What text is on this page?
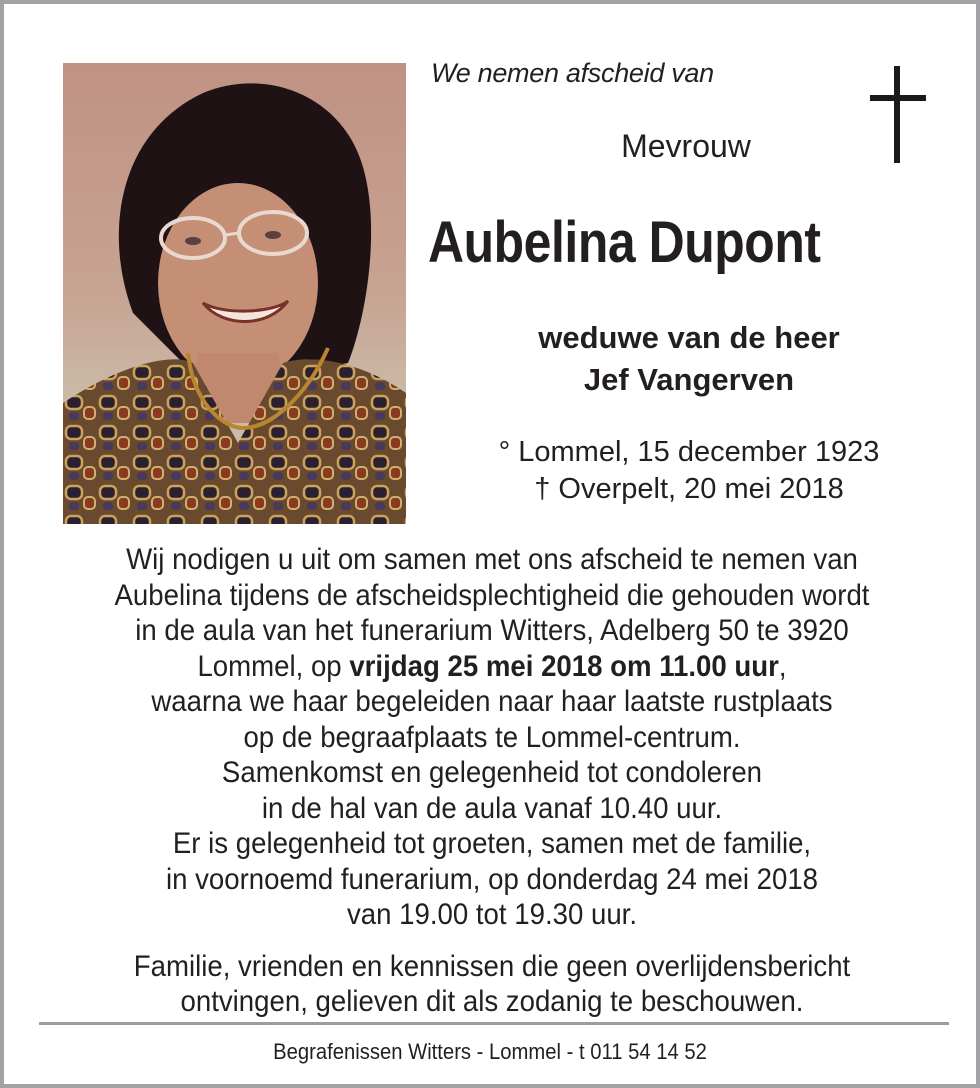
We nemen afscheid van
Mevrouw
Aubelina Dupont
weduwe van de heer
Jef Vangerven
° Lommel, 15 december 1923
† Overpelt, 20 mei 2018
Wij nodigen u uit om samen met ons afscheid te nemen van
Aubelina tijdens de afscheidsplechtigheid die gehouden wordt
in de aula van het funerarium Witters, Adelberg 50 te 3920
Lommel, op vrijdag 25 mei 2018 om 11.00 uur,
waarna we haar begeleiden naar haar laatste rustplaats
op de begraafplaats te Lommel-centrum.
Samenkomst en gelegenheid tot condoleren
in de hal van de aula vanaf 10.40 uur.
Er is gelegenheid tot groeten, samen met de familie,
in voornoemd funerarium, op donderdag 24 mei 2018
van 19.00 tot 19.30 uur.
Familie, vrienden en kennissen die geen overlijdensbericht
ontvingen, gelieven dit als zodanig te beschouwen.
Begrafenissen Witters - Lommel - t 011 54 14 52
